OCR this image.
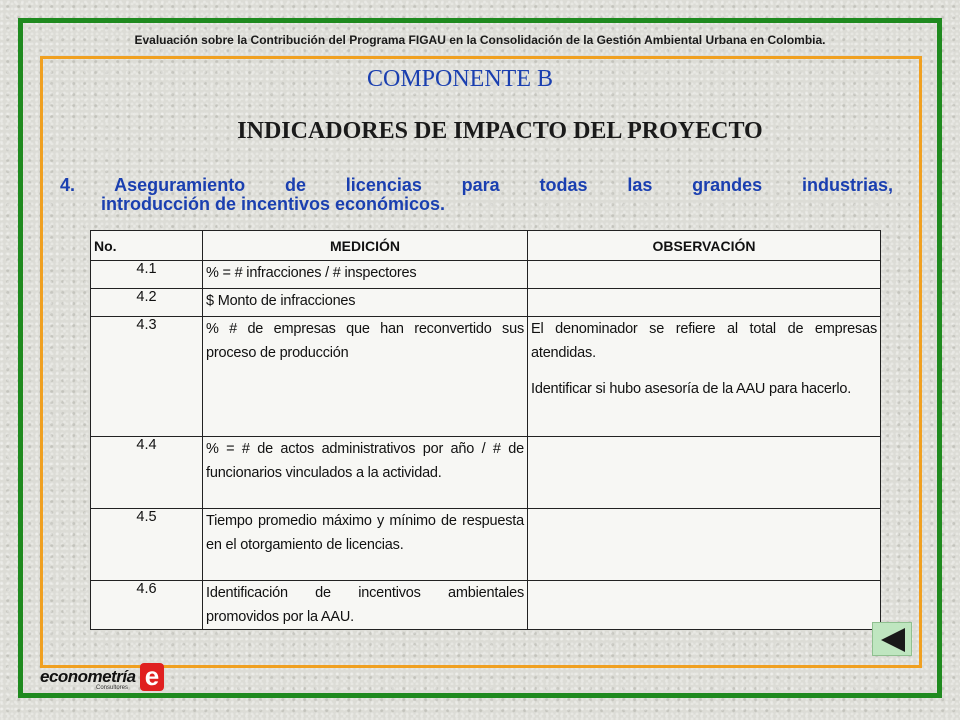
Evaluación sobre la Contribución del Programa FIGAU en la Consolidación de la Gestión Ambiental Urbana en Colombia.
COMPONENTE B
INDICADORES DE IMPACTO DEL PROYECTO
4. Aseguramiento de licencias para todas las grandes industrias,
introducción de incentivos económicos.
No.	MEDICIÓN	OBSERVACIÓN
4.1	% = # infracciones / # inspectores	
4.2	$ Monto de infracciones	
4.3	% # de empresas que han reconvertido sus proceso de producción	El denominador se refiere al total de empresas atendidas.
Identificar si hubo asesoría de la AAU para hacerlo.

4.4	% = # de actos administrativos por año / # de funcionarios vinculados a la actividad.	
4.5	Tiempo promedio máximo y mínimo de respuesta en el otorgamiento de licencias.	
4.6	Identificación de incentivos ambientales promovidos por la AAU.	
econometría
Consultores e
